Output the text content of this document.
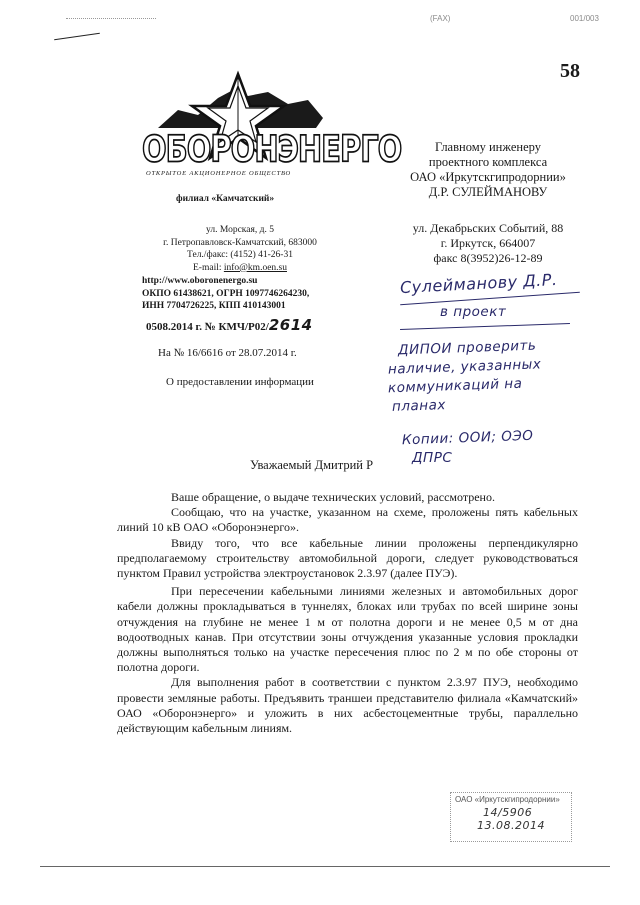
(FAX)	001/003
58
ОБОРОНЭНЕРГО
ОТКРЫТОЕ АКЦИОНЕРНОЕ ОБЩЕСТВО
филиал «Камчатский»
ул. Морская, д. 5
г. Петропавловск-Камчатский, 683000
Тел./факс: (4152) 41-26-31
E-mail: info@km.oen.su
http://www.oboronenergo.su
ОКПО 61438621, ОГРН 1097746264230,
ИНН 7704726225, КПП 410143001
0508.2014 г. № КМЧ/Р02/2614
На № 16/6616 от 28.07.2014 г.
О предоставлении информации
Главному инженеру
проектного комплекса
ОАО «Иркутскгипродорнии»
Д.Р. СУЛЕЙМАНОВУ
ул. Декабрьских Событий, 88
г. Иркутск, 664007
факс 8(3952)26-12-89
Сулейманову Д.Р.
в проект
ДИПОИ проверить
наличие, указанных
коммуникаций на
планах
Копии: ООИ; ОЭО
ДПРС
Уважаемый Дмитрий Р

Ваше обращение, о выдаче технических условий, рассмотрено.

Сообщаю, что на участке, указанном на схеме, проложены пять кабельных линий 10 кВ ОАО «Оборонэнерго».

Ввиду того, что все кабельные линии проложены перпендикулярно предполагаемому строительству автомобильной дороги, следует руководствоваться пунктом Правил устройства электроустановок 2.3.97 (далее ПУЭ).

При пересечении кабельными линиями железных и автомобильных дорог кабели должны прокладываться в туннелях, блоках или трубах по всей ширине зоны отчуждения на глубине не менее 1 м от полотна дороги и не менее 0,5 м от дна водоотводных канав. При отсутствии зоны отчуждения указанные условия прокладки должны выполняться только на участке пересечения плюс по 2 м по обе стороны от полотна дороги.

Для выполнения работ в соответствии с пунктом 2.3.97 ПУЭ, необходимо провести земляные работы. Предъявить траншеи представителю филиала «Камчатский» ОАО «Оборонэнерго» и уложить в них асбестоцементные трубы, параллельно действующим кабельным линиям.

ОАО «Иркутскгипродорнии»
14/5906
13.08.2014
